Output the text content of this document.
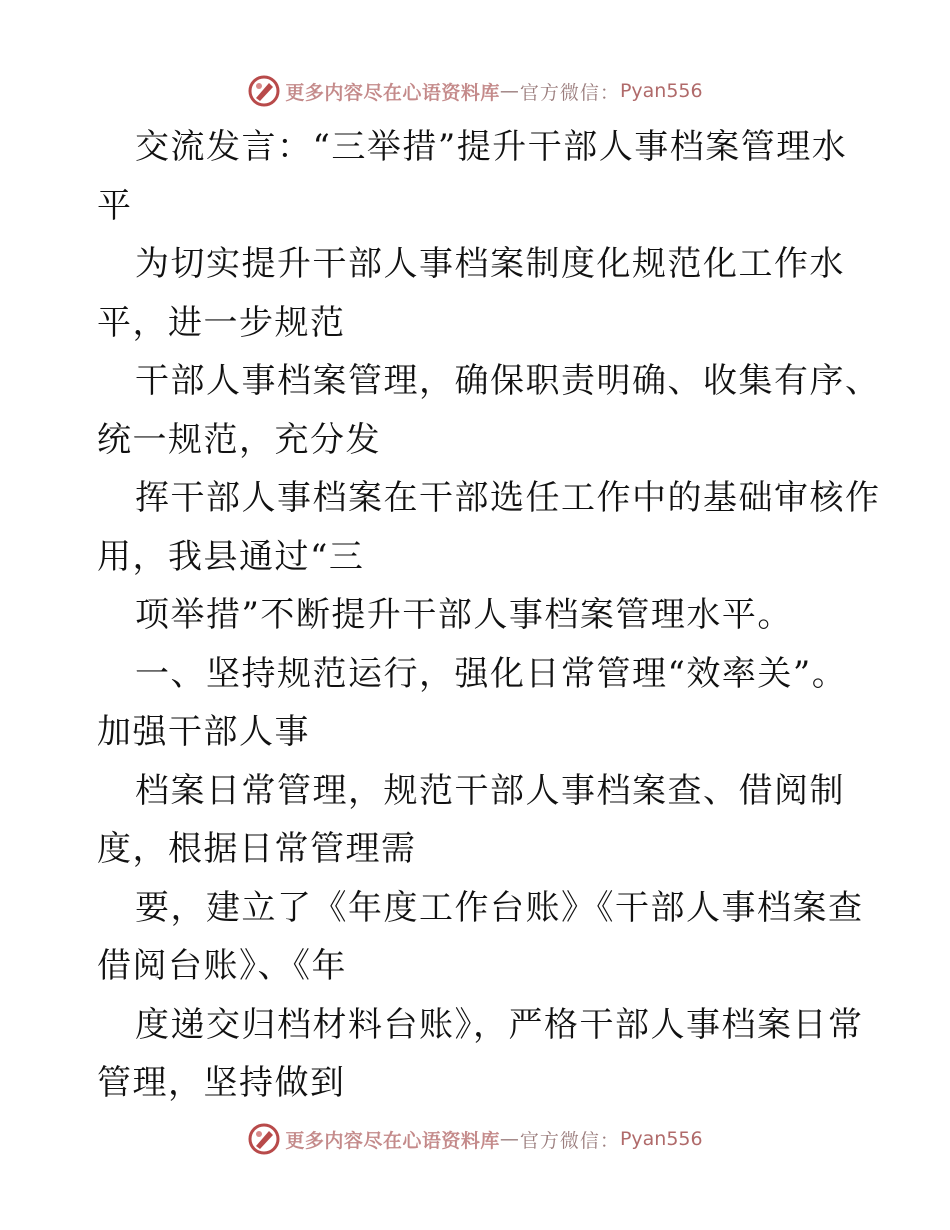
更多内容尽在心语资料库 — 官方微信： Pyan556
交流发言：“三举措”提升干部人事档案管理水
平
为切实提升干部人事档案制度化规范化工作水
平，进一步规范
干部人事档案管理，确保职责明确、收集有序、
统一规范，充分发
挥干部人事档案在干部选任工作中的基础审核作
用，我县通过“三
项举措”不断提升干部人事档案管理水平。
一、坚持规范运行，强化日常管理“效率关”。
加强干部人事
档案日常管理，规范干部人事档案查、借阅制
度，根据日常管理需
要，建立了《年度工作台账》《干部人事档案查
借阅台账》、《年
度递交归档材料台账》，严格干部人事档案日常
管理，坚持做到
更多内容尽在心语资料库 — 官方微信： Pyan556
